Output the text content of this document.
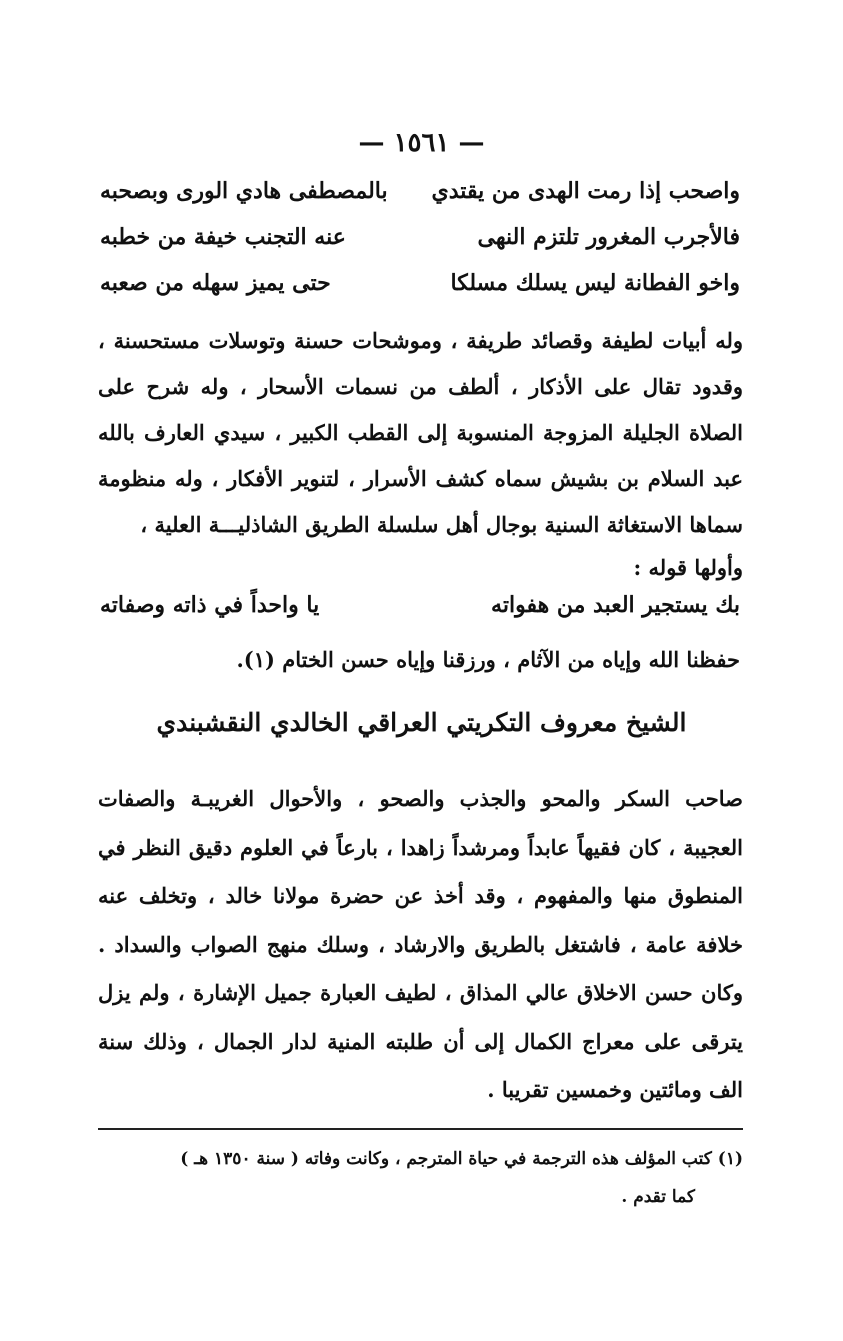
— ١٥٦١ —
واصحب إذا رمت الهدى من يقتدي
بالمصطفى هادي الورى وبصحبه
فالأجرب المغرور تلتزم النهى
عنه التجنب خيفة من خطبه
واخو الفطانة ليس يسلك مسلكا
حتى يميز سهله من صعبه
وله أبيات لطيفة وقصائد طريفة ، وموشحات حسنة وتوسلات مستحسنة ، وقدود تقال على الأذكار ، ألطف من نسمات الأسحار ، وله شرح على الصلاة الجليلة المزوجة المنسوبة إلى القطب الكبير ، سيدي العارف بالله عبد السلام بن بشيش سماه كشف الأسرار ، لتنوير الأفكار ، وله منظومة سماها الاستغاثة السنية بوجال أهل سلسلة الطريق الشاذليـــة العلية ،
وأولها قوله :
بك يستجير العبد من هفواته
يا واحداً في ذاته وصفاته
حفظنا الله وإياه من الآثام ، ورزقنا وإياه حسن الختام (١).
الشيخ معروف التكريتي العراقي الخالدي النقشبندي
صاحب السكر والمحو والجذب والصحو ، والأحوال الغريبـة والصفات العجيبة ، كان فقيهاً عابداً ومرشداً زاهدا ، بارعاً في العلوم دقيق النظر في المنطوق منها والمفهوم ، وقد أخذ عن حضرة مولانا خالد ، وتخلف عنه خلافة عامة ، فاشتغل بالطريق والارشاد ، وسلك منهج الصواب والسداد . وكان حسن الاخلاق عالي المذاق ، لطيف العبارة جميل الإشارة ، ولم يزل يترقى على معراج الكمال إلى أن طلبته المنية لدار الجمال ، وذلك سنة الف ومائتين وخمسين تقريبا .
(١) كتب المؤلف هذه الترجمة في حياة المترجم ، وكانت وفاته ( سنة ١٣٥٠ هـ )
كما تقدم .
